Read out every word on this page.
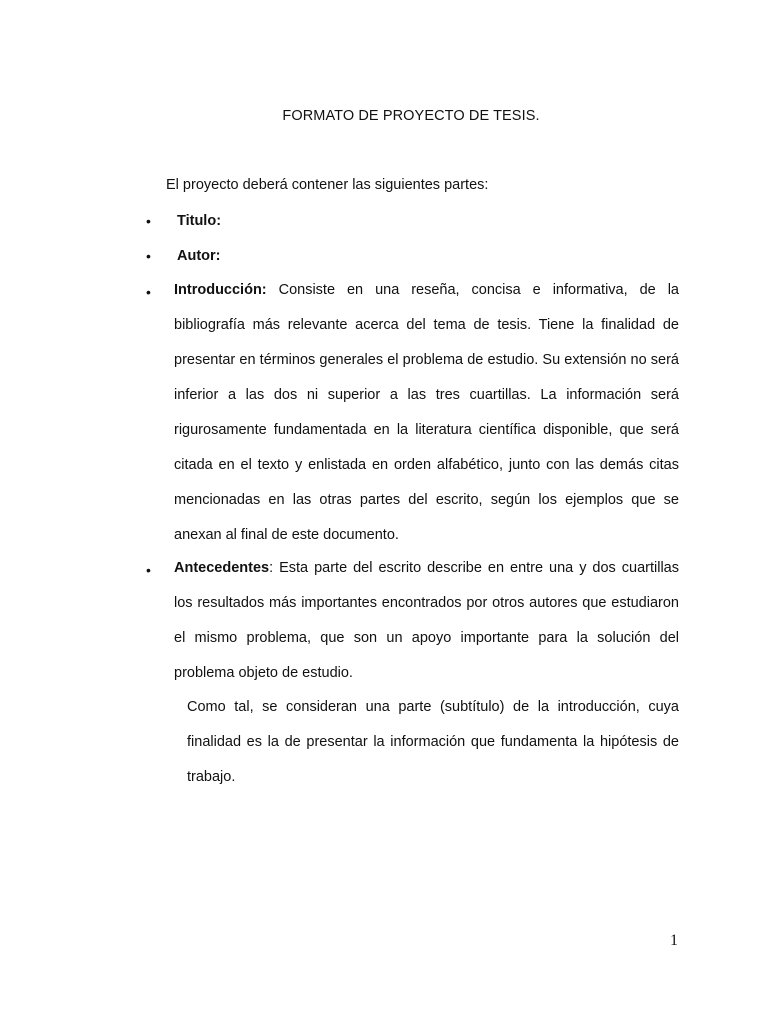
FORMATO DE PROYECTO DE TESIS.
El proyecto deberá contener las siguientes partes:
• Titulo:
• Autor:
• Introducción: Consiste en una reseña, concisa e informativa, de la bibliografía más relevante acerca del tema de tesis. Tiene la finalidad de presentar en términos generales el problema de estudio. Su extensión no será inferior a las dos ni superior a las tres cuartillas. La información será rigurosamente fundamentada en la literatura científica disponible, que será citada en el texto y enlistada en orden alfabético, junto con las demás citas mencionadas en las otras partes del escrito, según los ejemplos que se anexan al final de este documento.
• Antecedentes: Esta parte del escrito describe en entre una y dos cuartillas los resultados más importantes encontrados por otros autores que estudiaron el mismo problema, que son un apoyo importante para la solución del problema objeto de estudio.
Como tal, se consideran una parte (subtítulo) de la introducción, cuya finalidad es la de presentar la información que fundamenta la hipótesis de trabajo.
1
